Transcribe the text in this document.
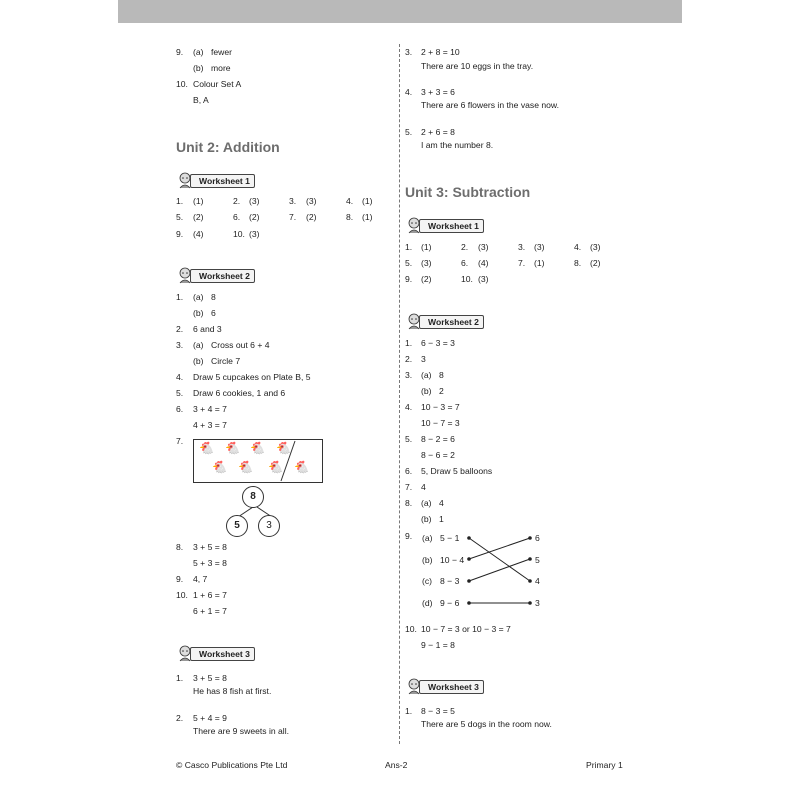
9. (a) fewer
(b) more
10. Colour Set A
B, A
Unit 2: Addition
Worksheet 1
1. (1)	2. (3)	3. (3)	4. (1)
5. (2)	6. (2)	7. (2)	8. (1)
9. (4)	10. (3)
Worksheet 2
1. (a) 8
(b) 6
2. 6 and 3
3. (a) Cross out 6 + 4
(b) Circle 7
4. Draw 5 cupcakes on Plate B, 5
5. Draw 6 cookies, 1 and 6
6. 3 + 4 = 7
4 + 3 = 7
7. 🐔 🐔 🐔 🐔
🐔 🐔 🐔 🐔
8
5	3
8. 3 + 5 = 8
5 + 3 = 8
9. 4, 7
10. 1 + 6 = 7
6 + 1 = 7
Worksheet 3
1. 3 + 5 = 8
He has 8 fish at first.
2. 5 + 4 = 9
There are 9 sweets in all.
3. 2 + 8 = 10
There are 10 eggs in the tray.
4. 3 + 3 = 6
There are 6 flowers in the vase now.
5. 2 + 6 = 8
I am the number 8.
Unit 3: Subtraction
Worksheet 1
1. (1)	2. (3)	3. (3)	4. (3)
5. (3)	6. (4)	7. (1)	8. (2)
9. (2)	10. (3)
Worksheet 2
1. 6 − 3 = 3
2. 3
3. (a) 8
(b) 2
4. 10 − 3 = 7
10 − 7 = 3
5. 8 − 2 = 6
8 − 6 = 2
6. 5, Draw 5 balloons
7. 4
8. (a) 4
(b) 1
9. (a) 5 − 1
(b) 10 − 4
(c) 8 − 3
(d) 9 − 6
6
5
4
3
10. 10 − 7 = 3 or 10 − 3 = 7
9 − 1 = 8
Worksheet 3
1. 8 − 3 = 5
There are 5 dogs in the room now.
© Casco Publications Pte Ltd	Ans-2	Primary 1
